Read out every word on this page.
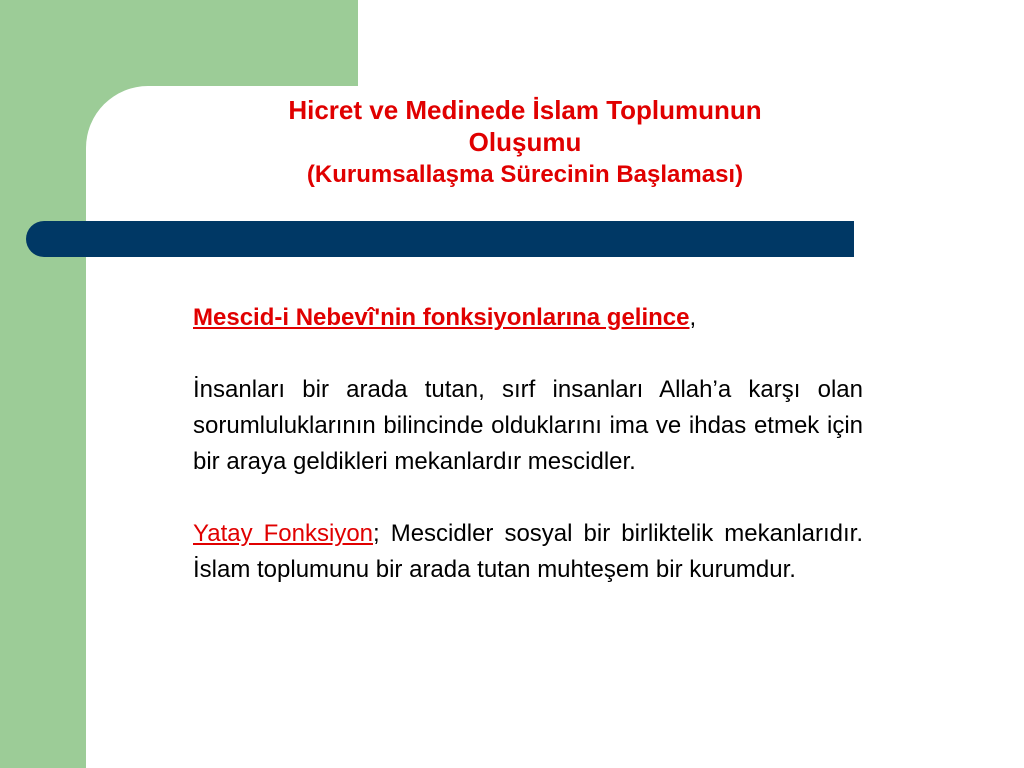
Hicret ve Medinede İslam Toplumunun
Oluşumu
(Kurumsallaşma Sürecinin Başlaması)

Mescid-i Nebevî'nin fonksiyonlarına gelince,

İnsanları bir arada tutan, sırf insanları Allah’a karşı olan sorumluluklarının bilincinde olduklarını ima ve ihdas etmek için bir araya geldikleri mekanlardır mescidler.

Yatay Fonksiyon; Mescidler sosyal bir birliktelik mekanlarıdır. İslam toplumunu bir arada tutan muhteşem bir kurumdur.
